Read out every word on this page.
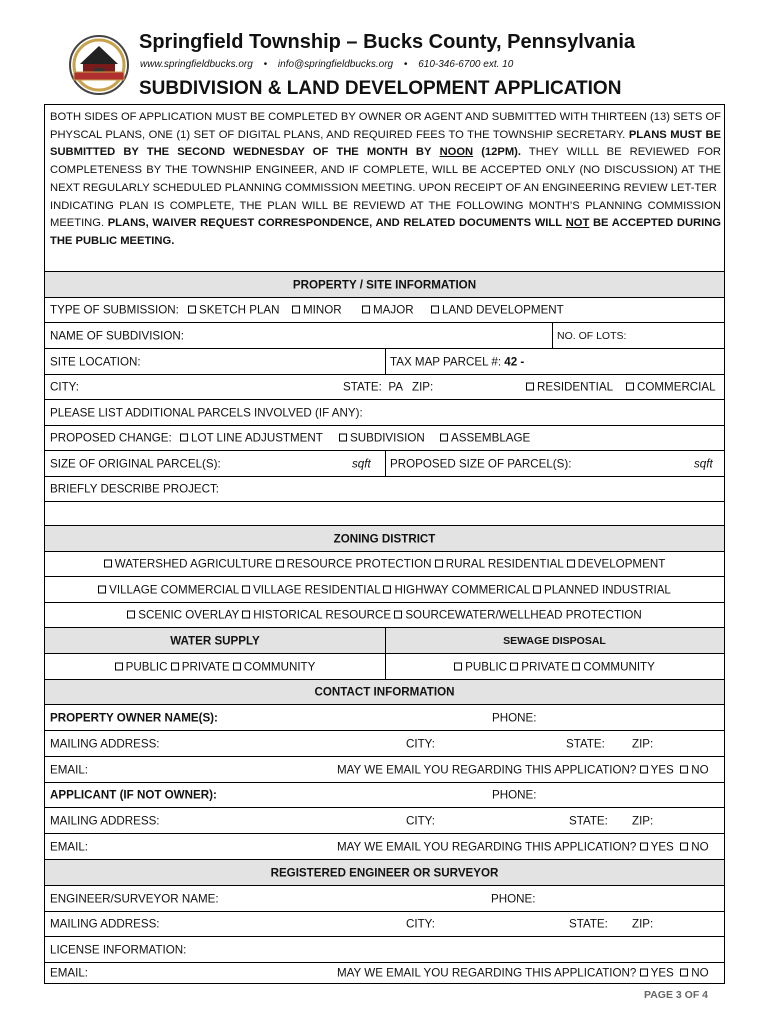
Springfield Township – Bucks County, Pennsylvania
www.springfieldbucks.org • info@springfieldbucks.org • 610-346-6700 ext. 10
SUBDIVISION & LAND DEVELOPMENT APPLICATION

BOTH SIDES OF APPLICATION MUST BE COMPLETED BY OWNER OR AGENT AND SUBMITTED WITH THIRTEEN (13) SETS OF PHYSCAL PLANS, ONE (1) SET OF DIGITAL PLANS, AND REQUIRED FEES TO THE TOWNSHIP SECRETARY. PLANS MUST BE SUBMITTED BY THE SECOND WEDNESDAY OF THE MONTH BY NOON (12PM). THEY WILLL BE REVIEWED FOR COMPLETENESS BY THE TOWNSHIP ENGINEER, AND IF COMPLETE, WILL BE ACCEPTED ONLY (NO DISCUSSION) AT THE NEXT REGULARLY SCHEDULED PLANNING COMMISSION MEETING. UPON RECEIPT OF AN ENGINEERING REVIEW LET-TER

INDICATING PLAN IS COMPLETE, THE PLAN WILL BE REVIEWD AT THE FOLLOWING MONTH’S PLANNING COMMISSION MEETING. PLANS, WAIVER REQUEST CORRESPONDENCE, AND RELATED DOCUMENTS WILL NOT BE ACCEPTED DURING THE PUBLIC MEETING.

PROPERTY / SITE INFORMATION
TYPE OF SUBMISSION:	SKETCH PLAN	MINOR	MAJOR	LAND DEVELOPMENT
NAME OF SUBDIVISION:	NO. OF LOTS:
SITE LOCATION:	TAX MAP PARCEL #: 42 -
CITY:	STATE: PA ZIP:	RESIDENTIAL	COMMERCIAL
PLEASE LIST ADDITIONAL PARCELS INVOLVED (IF ANY):
PROPOSED CHANGE:	LOT LINE ADJUSTMENT	SUBDIVISION	ASSEMBLAGE
SIZE OF ORIGINAL PARCEL(S):	sqft PROPOSED SIZE OF PARCEL(S):	sqft
BRIEFLY DESCRIBE PROJECT:
ZONING DISTRICT
WATERSHED AGRICULTURE RESOURCE PROTECTION RURAL RESIDENTIAL DEVELOPMENT
VILLAGE COMMERCIAL VILLAGE RESIDENTIAL HIGHWAY COMMERICAL PLANNED INDUSTRIAL
SCENIC OVERLAY HISTORICAL RESOURCE SOURCEWATER/WELLHEAD PROTECTION
WATER SUPPLY	SEWAGE DISPOSAL
PUBLIC PRIVATE COMMUNITY	PUBLIC PRIVATE COMMUNITY
CONTACT INFORMATION
PROPERTY OWNER NAME(S):	PHONE:
MAILING ADDRESS:	CITY:	STATE: ZIP:
EMAIL:	MAY WE EMAIL YOU REGARDING THIS APPLICATION? YES NO
APPLICANT (IF NOT OWNER):	PHONE:
MAILING ADDRESS:	CITY:	STATE: ZIP:
EMAIL:	MAY WE EMAIL YOU REGARDING THIS APPLICATION? YES NO
REGISTERED ENGINEER OR SURVEYOR
ENGINEER/SURVEYOR NAME:	PHONE:
MAILING ADDRESS:	CITY:	STATE: ZIP:
LICENSE INFORMATION:
EMAIL:	MAY WE EMAIL YOU REGARDING THIS APPLICATION? YES NO
PAGE 3 OF 4
